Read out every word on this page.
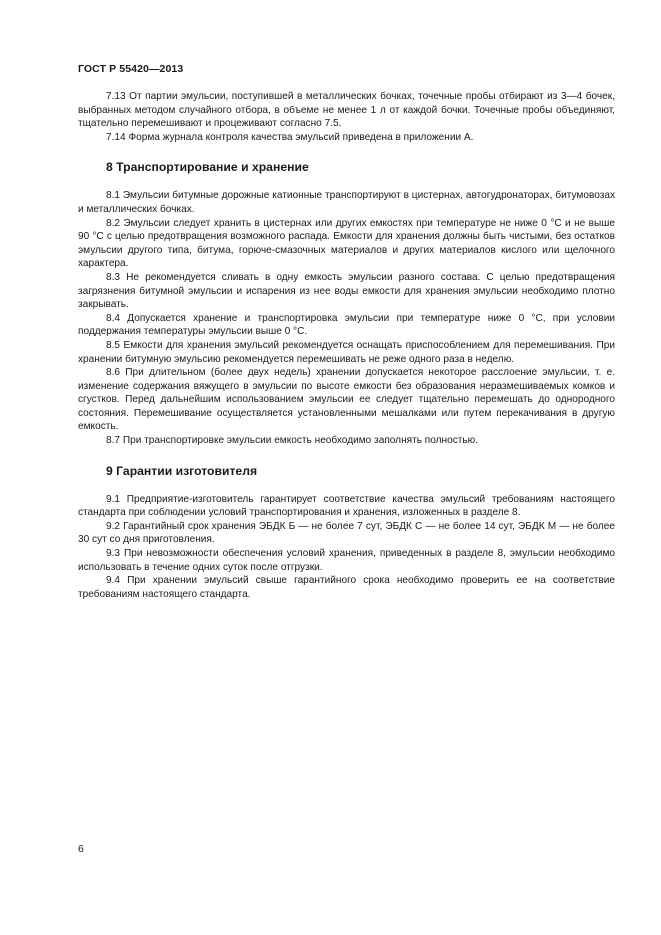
ГОСТ Р 55420—2013

7.13 От партии эмульсии, поступившей в металлических бочках, точечные пробы отбирают из 3—4 бочек, выбранных методом случайного отбора, в объеме не менее 1 л от каждой бочки. Точечные пробы объединяют, тщательно перемешивают и процеживают согласно 7.5.

7.14 Форма журнала контроля качества эмульсий приведена в приложении А.

8 Транспортирование и хранение

8.1 Эмульсии битумные дорожные катионные транспортируют в цистернах, автогудронаторах, битумовозах и металлических бочках.

8.2 Эмульсии следует хранить в цистернах или других емкостях при температуре не ниже 0 °С и не выше 90 °С с целью предотвращения возможного распада. Емкости для хранения должны быть чистыми, без остатков эмульсии другого типа, битума, горюче-смазочных материалов и других материалов кислого или щелочного характера.

8.3 Не рекомендуется сливать в одну емкость эмульсии разного состава. С целью предотвращения загрязнения битумной эмульсии и испарения из нее воды емкости для хранения эмульсии необходимо плотно закрывать.

8.4 Допускается хранение и транспортировка эмульсии при температуре ниже 0 °С, при условии поддержания температуры эмульсии выше 0 °С.

8.5 Емкости для хранения эмульсий рекомендуется оснащать приспособлением для перемешивания. При хранении битумную эмульсию рекомендуется перемешивать не реже одного раза в неделю.

8.6 При длительном (более двух недель) хранении допускается некоторое расслоение эмульсии, т. е. изменение содержания вяжущего в эмульсии по высоте емкости без образования неразмешиваемых комков и сгустков. Перед дальнейшим использованием эмульсии ее следует тщательно перемешать до однородного состояния. Перемешивание осуществляется установленными мешалками или путем перекачивания в другую емкость.

8.7 При транспортировке эмульсии емкость необходимо заполнять полностью.

9 Гарантии изготовителя

9.1 Предприятие-изготовитель гарантирует соответствие качества эмульсий требованиям настоящего стандарта при соблюдении условий транспортирования и хранения, изложенных в разделе 8.

9.2 Гарантийный срок хранения ЭБДК Б — не более 7 сут, ЭБДК С — не более 14 сут, ЭБДК М — не более 30 сут со дня приготовления.

9.3 При невозможности обеспечения условий хранения, приведенных в разделе 8, эмульсии необходимо использовать в течение одних суток после отгрузки.

9.4 При хранении эмульсий свыше гарантийного срока необходимо проверить ее на соответствие требованиям настоящего стандарта.

6
